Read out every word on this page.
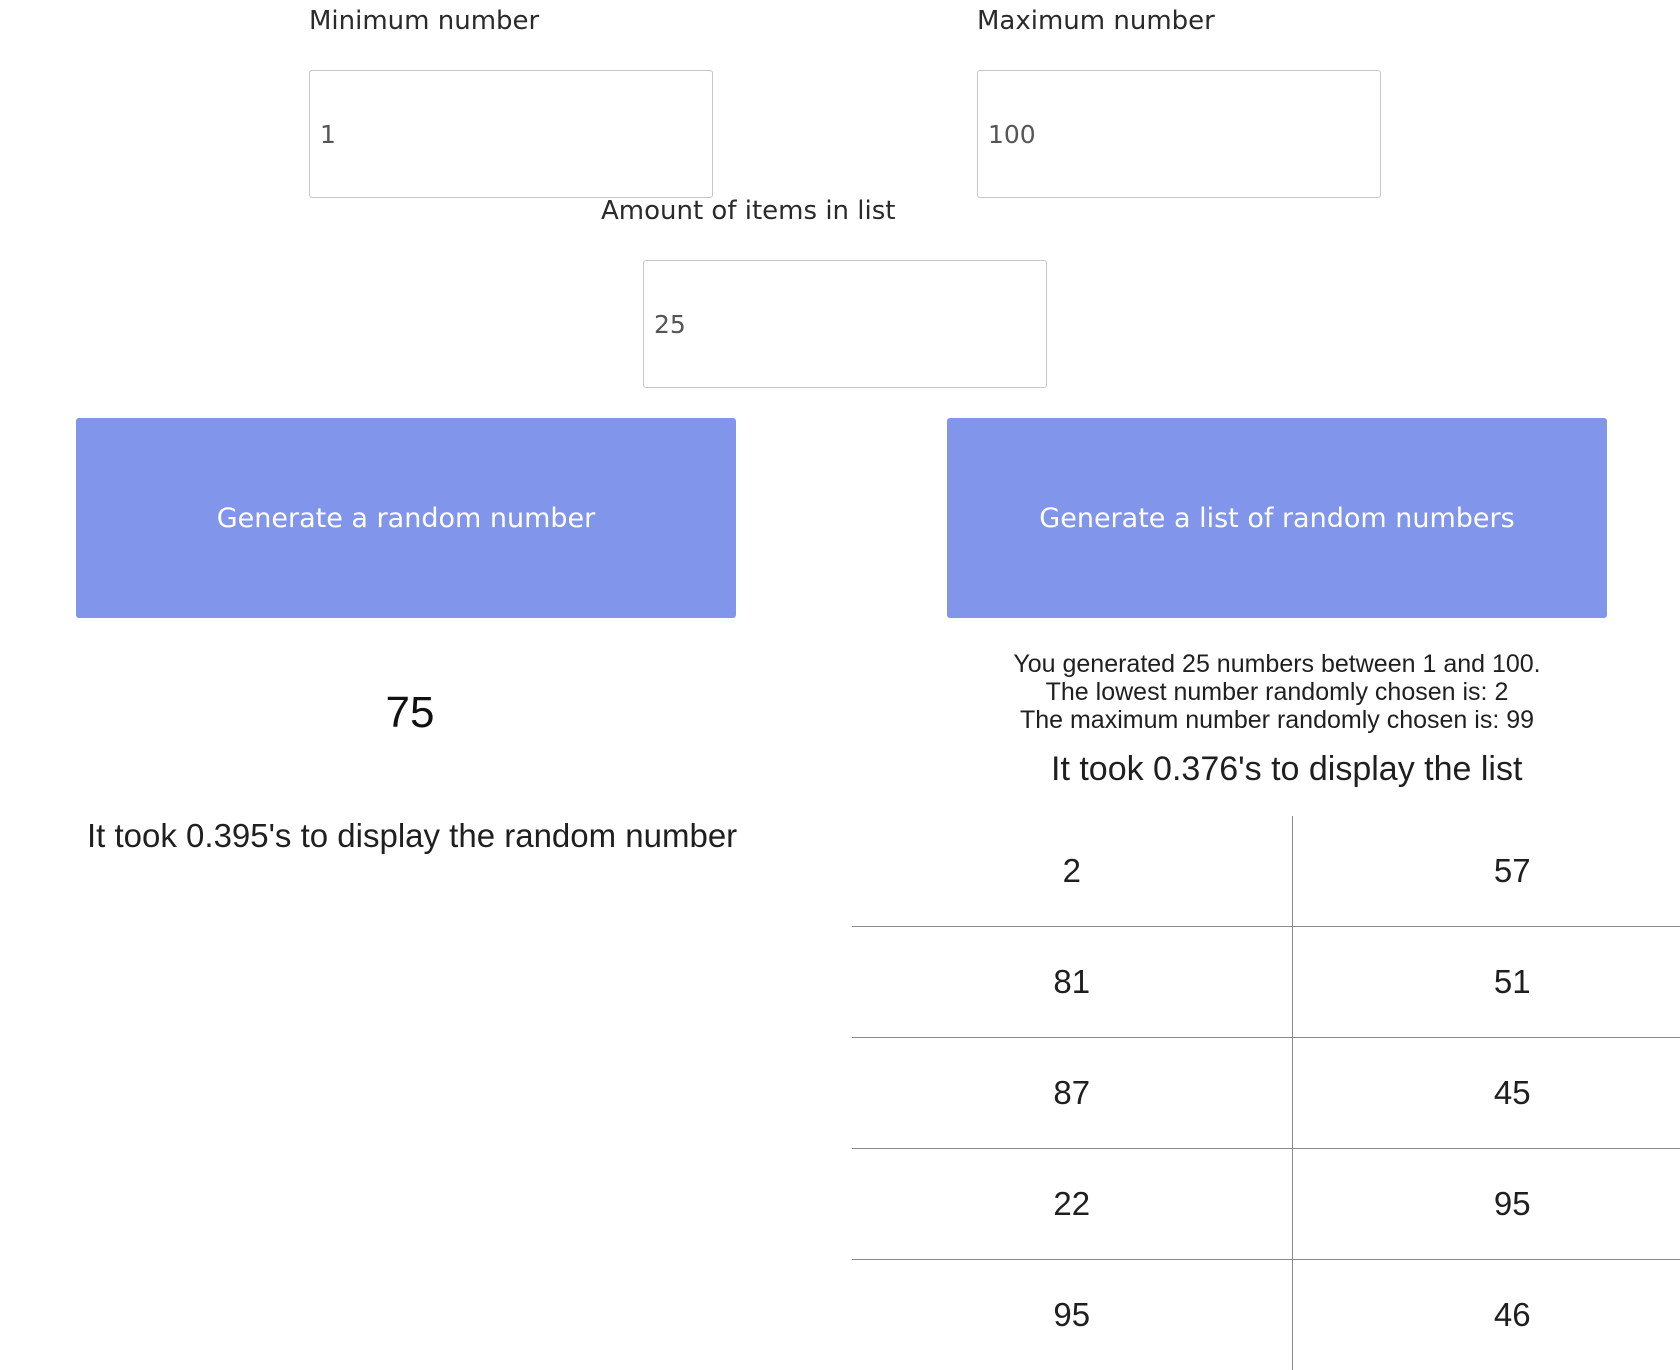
Minimum number
1	Maximum number
100
Amount of items in list
25
Generate a random number	Generate a list of random numbers
75
It took 0.395's to display the random number
You generated 25 numbers between 1 and 100.
The lowest number randomly chosen is: 2
The maximum number randomly chosen is: 99
It took 0.376's to display the list
2	57
81	51
87	45
22	95
95	46
